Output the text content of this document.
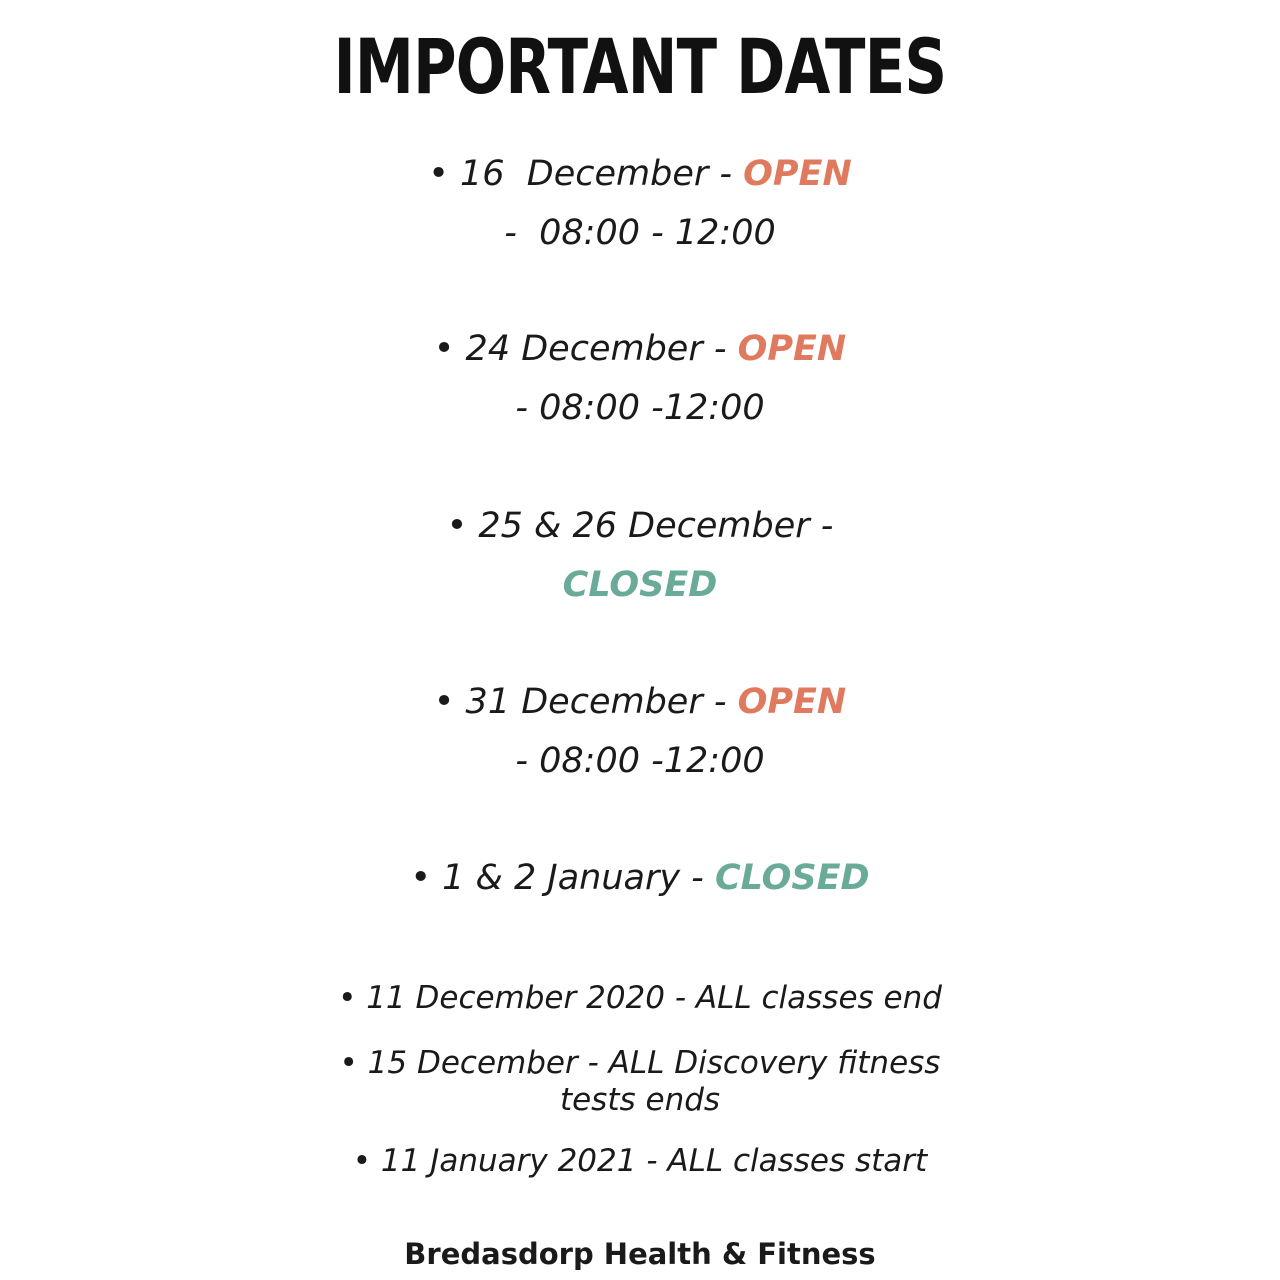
IMPORTANT DATES
• 16  December - OPEN
-  08:00 - 12:00
• 24 December - OPEN
- 08:00 -12:00
• 25 & 26 December -
CLOSED
• 31 December - OPEN
- 08:00 -12:00
• 1 & 2 January - CLOSED
• 11 December 2020 - ALL classes end
• 15 December - ALL Discovery fitness
tests ends
• 11 January 2021 - ALL classes start
Bredasdorp Health & Fitness
